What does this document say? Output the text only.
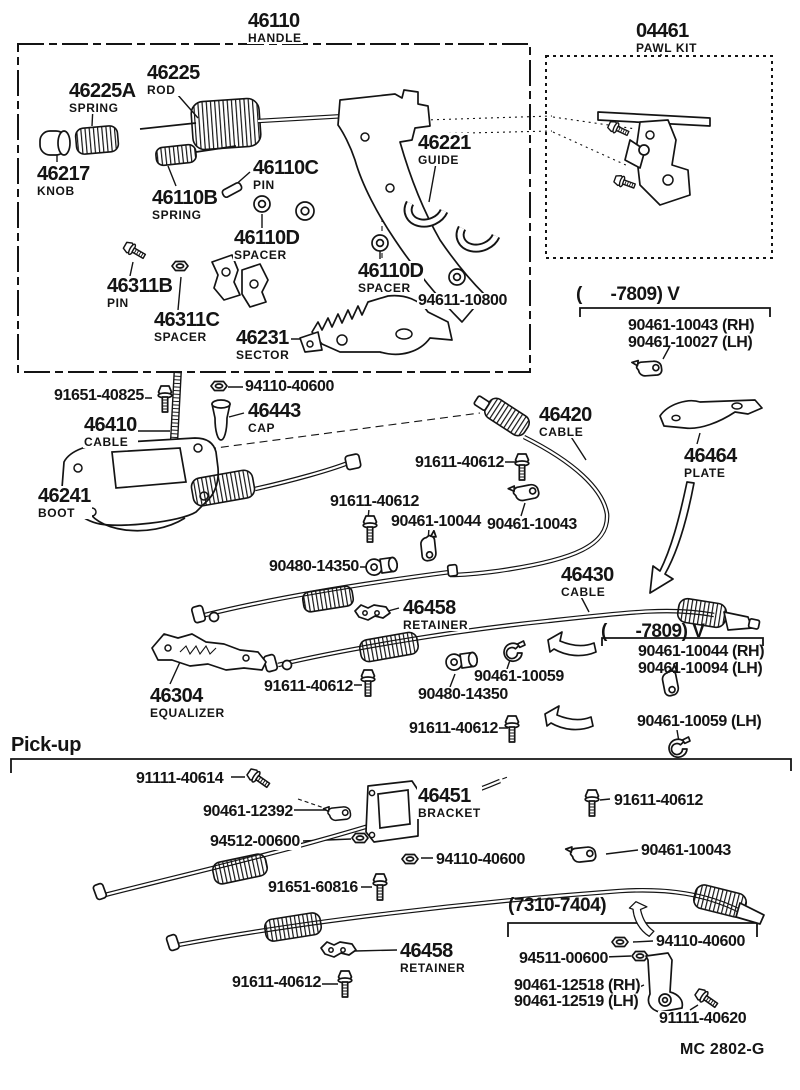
46110
HANDLE	04461
PAWL KIT
46225
ROD
46225A
SPRING
46217
KNOB	46110B
SPRING
46110C
PIN
46110D
SPACER
46110D
SPACER
46221
GUIDE
46311B
PIN
46311C
SPACER	46231
SECTOR
46410
CABLE
46241
BOOT
46443
CAP
46420
CABLE
46464
PLATE
46430
CABLE
46304
EQUALIZER
46458
RETAINER
46451
BRACKET
46458
RETAINER
94611-10800
91651-40825
94110-40600
91611-40612
90461-10043
91611-40612
90461-10044
90480-14350
91611-40612	90480-14350
90461-10059
91611-40612	90461-10059 (LH)
91111-40614
90461-12392
94512-00600
91651-60816
91611-40612
90461-10043
94110-40600
94110-40600
94511-00600
90461-12518 (RH)
90461-12519 (LH)
91111-40620
91611-40612
(      -7809) V
90461-10043 (RH)
90461-10027 (LH)
(      -7809) V
90461-10044 (RH)
90461-10094 (LH)
(7310-7404)
Pick-up
MC 2802-G
